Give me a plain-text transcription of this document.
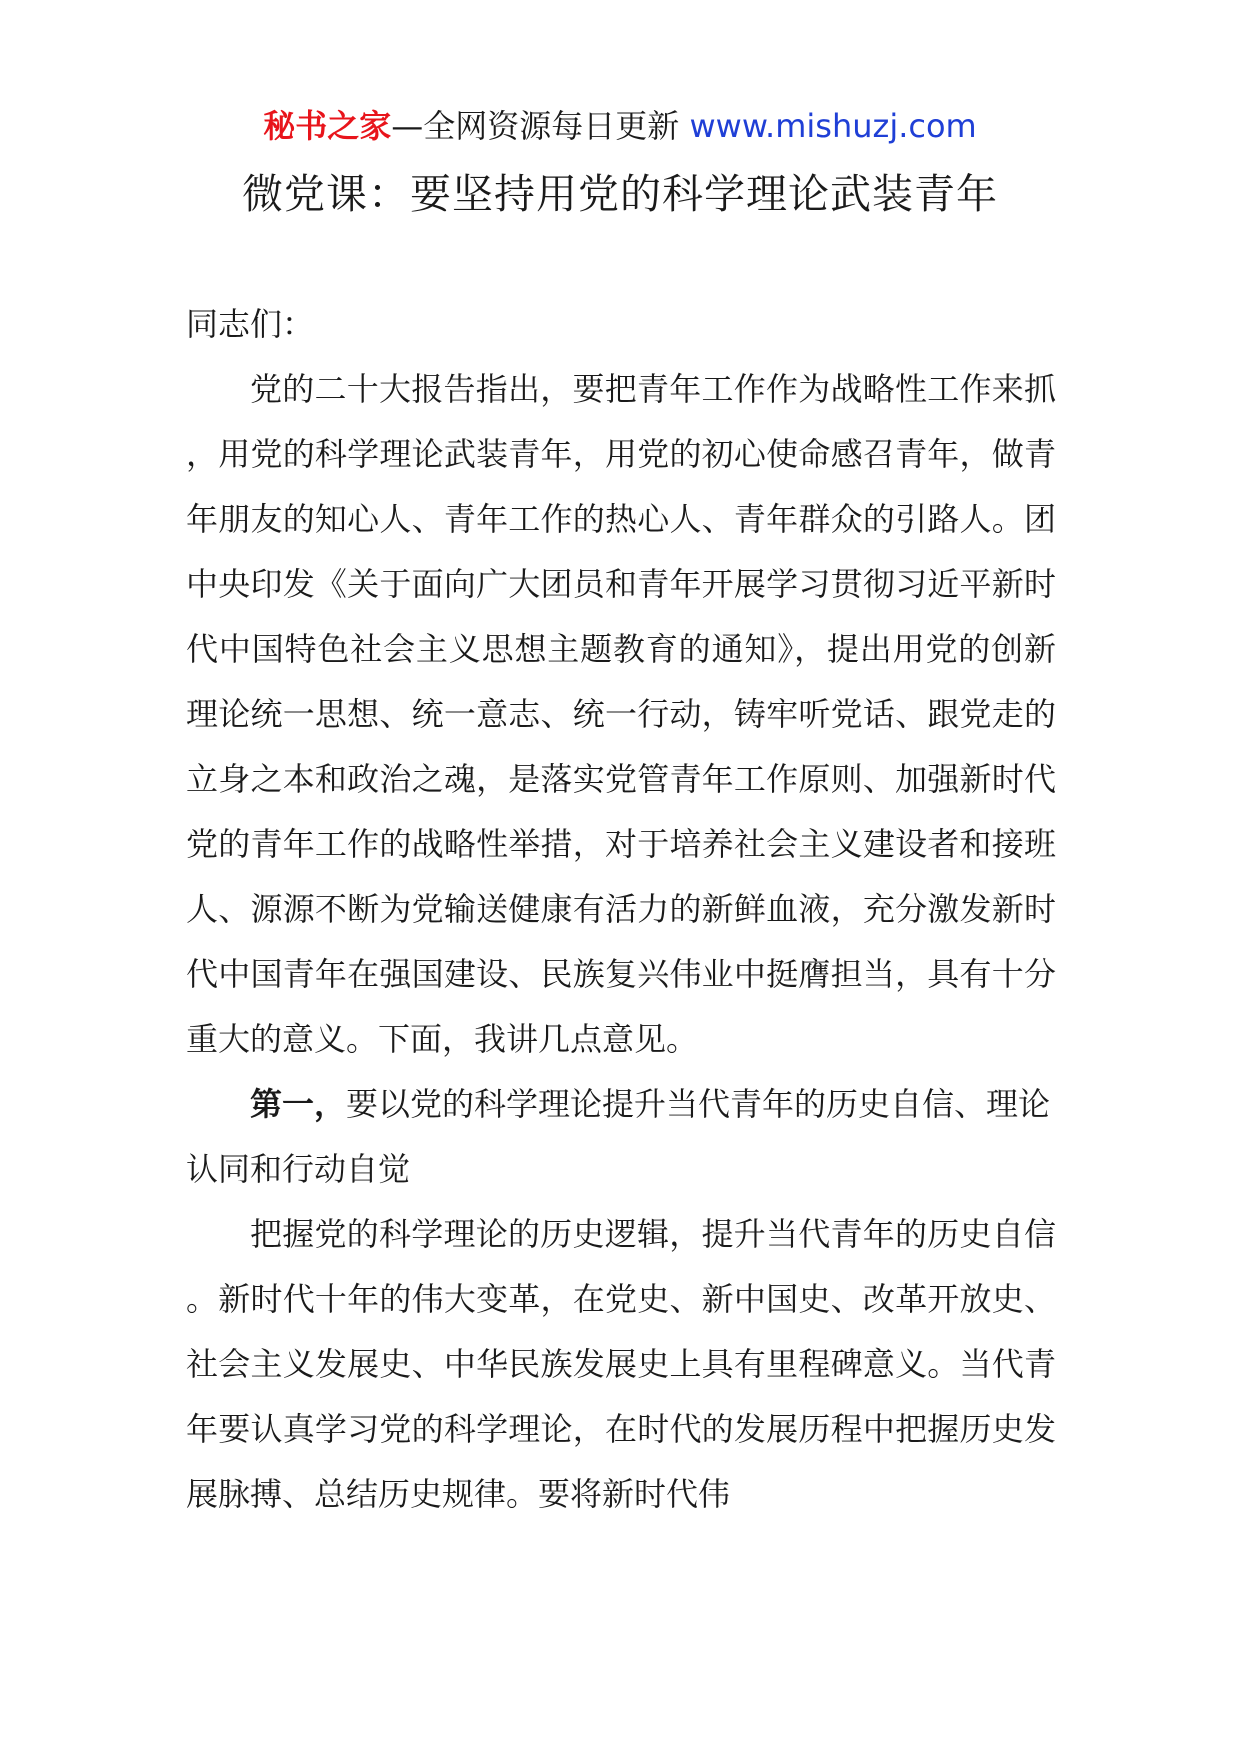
秘书之家—全网资源每日更新 www.mishuzj.com
微党课：要坚持用党的科学理论武装青年

同志们：

党的二十大报告指出，要把青年工作作为战略性工作来抓，用党的科学理论武装青年，用党的初心使命感召青年，做青年朋友的知心人、青年工作的热心人、青年群众的引路人。团中央印发《关于面向广大团员和青年开展学习贯彻习近平新时代中国特色社会主义思想主题教育的通知》，提出用党的创新理论统一思想、统一意志、统一行动，铸牢听党话、跟党走的立身之本和政治之魂，是落实党管青年工作原则、加强新时代党的青年工作的战略性举措，对于培养社会主义建设者和接班人、源源不断为党输送健康有活力的新鲜血液，充分激发新时代中国青年在强国建设、民族复兴伟业中挺膺担当，具有十分重大的意义。下面，我讲几点意见。

第一，要以党的科学理论提升当代青年的历史自信、理论认同和行动自觉

把握党的科学理论的历史逻辑，提升当代青年的历史自信。新时代十年的伟大变革，在党史、新中国史、改革开放史、社会主义发展史、中华民族发展史上具有里程碑意义。当代青年要认真学习党的科学理论，在时代的发展历程中把握历史发展脉搏、总结历史规律。要将新时代伟
